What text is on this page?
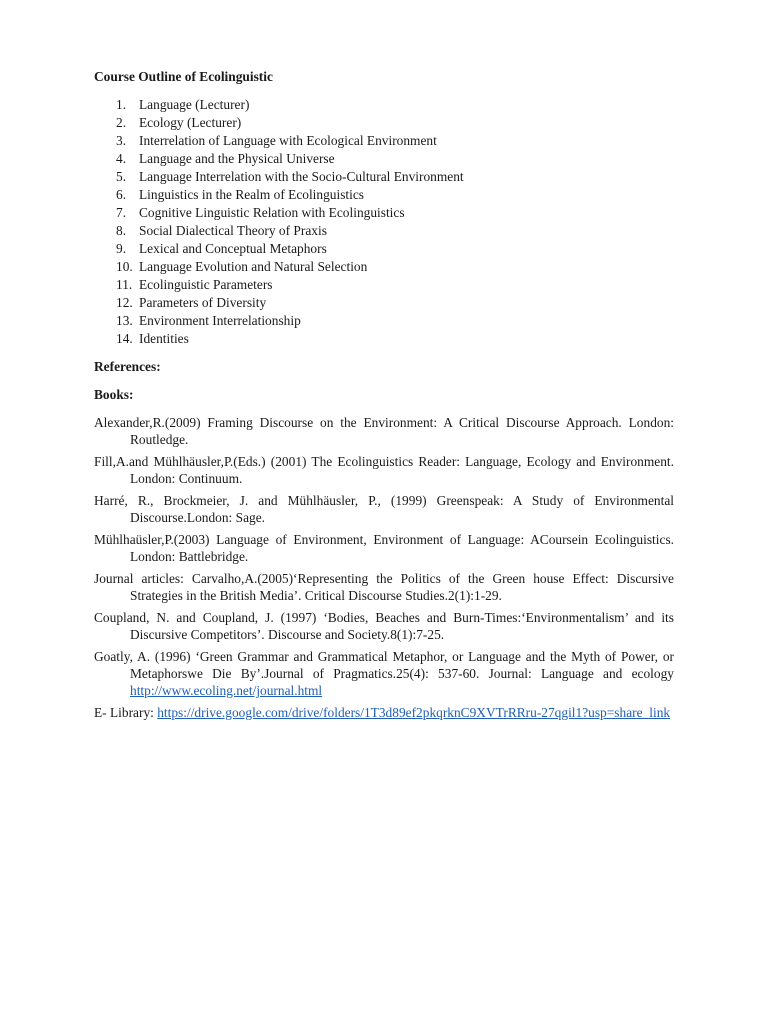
Course Outline of Ecolinguistic
1. Language (Lecturer)
2. Ecology (Lecturer)
3. Interrelation of Language with Ecological Environment
4. Language and the Physical Universe
5. Language Interrelation with the Socio-Cultural Environment
6. Linguistics in the Realm of Ecolinguistics
7. Cognitive Linguistic Relation with Ecolinguistics
8. Social Dialectical Theory of Praxis
9. Lexical and Conceptual Metaphors
10. Language Evolution and Natural Selection
11. Ecolinguistic Parameters
12. Parameters of Diversity
13. Environment Interrelationship
14. Identities
References:
Books:

Alexander,R.(2009) Framing Discourse on the Environment: A Critical Discourse Approach. London: Routledge.

Fill,A.and Mühlhäusler,P.(Eds.) (2001) The Ecolinguistics Reader: Language, Ecology and Environment. London: Continuum.

Harré, R., Brockmeier, J. and Mühlhäusler, P., (1999) Greenspeak: A Study of Environmental Discourse.London: Sage.

Mühlhaüsler,P.(2003) Language of Environment, Environment of Language: ACoursein Ecolinguistics. London: Battlebridge.

Journal articles: Carvalho,A.(2005)‘Representing the Politics of the Green house Effect: Discursive Strategies in the British Media’. Critical Discourse Studies.2(1):1-29.

Coupland, N. and Coupland, J. (1997) ‘Bodies, Beaches and Burn-Times:‘Environmentalism’ and its Discursive Competitors’. Discourse and Society.8(1):7-25.

Goatly, A. (1996) ‘Green Grammar and Grammatical Metaphor, or Language and the Myth of Power, or Metaphorswe Die By’.Journal of Pragmatics.25(4): 537-60. Journal: Language and ecology http://www.ecoling.net/journal.html

E- Library: https://drive.google.com/drive/folders/1T3d89ef2pkqrknC9XVTrRRru-27qgil1?usp=share_link
